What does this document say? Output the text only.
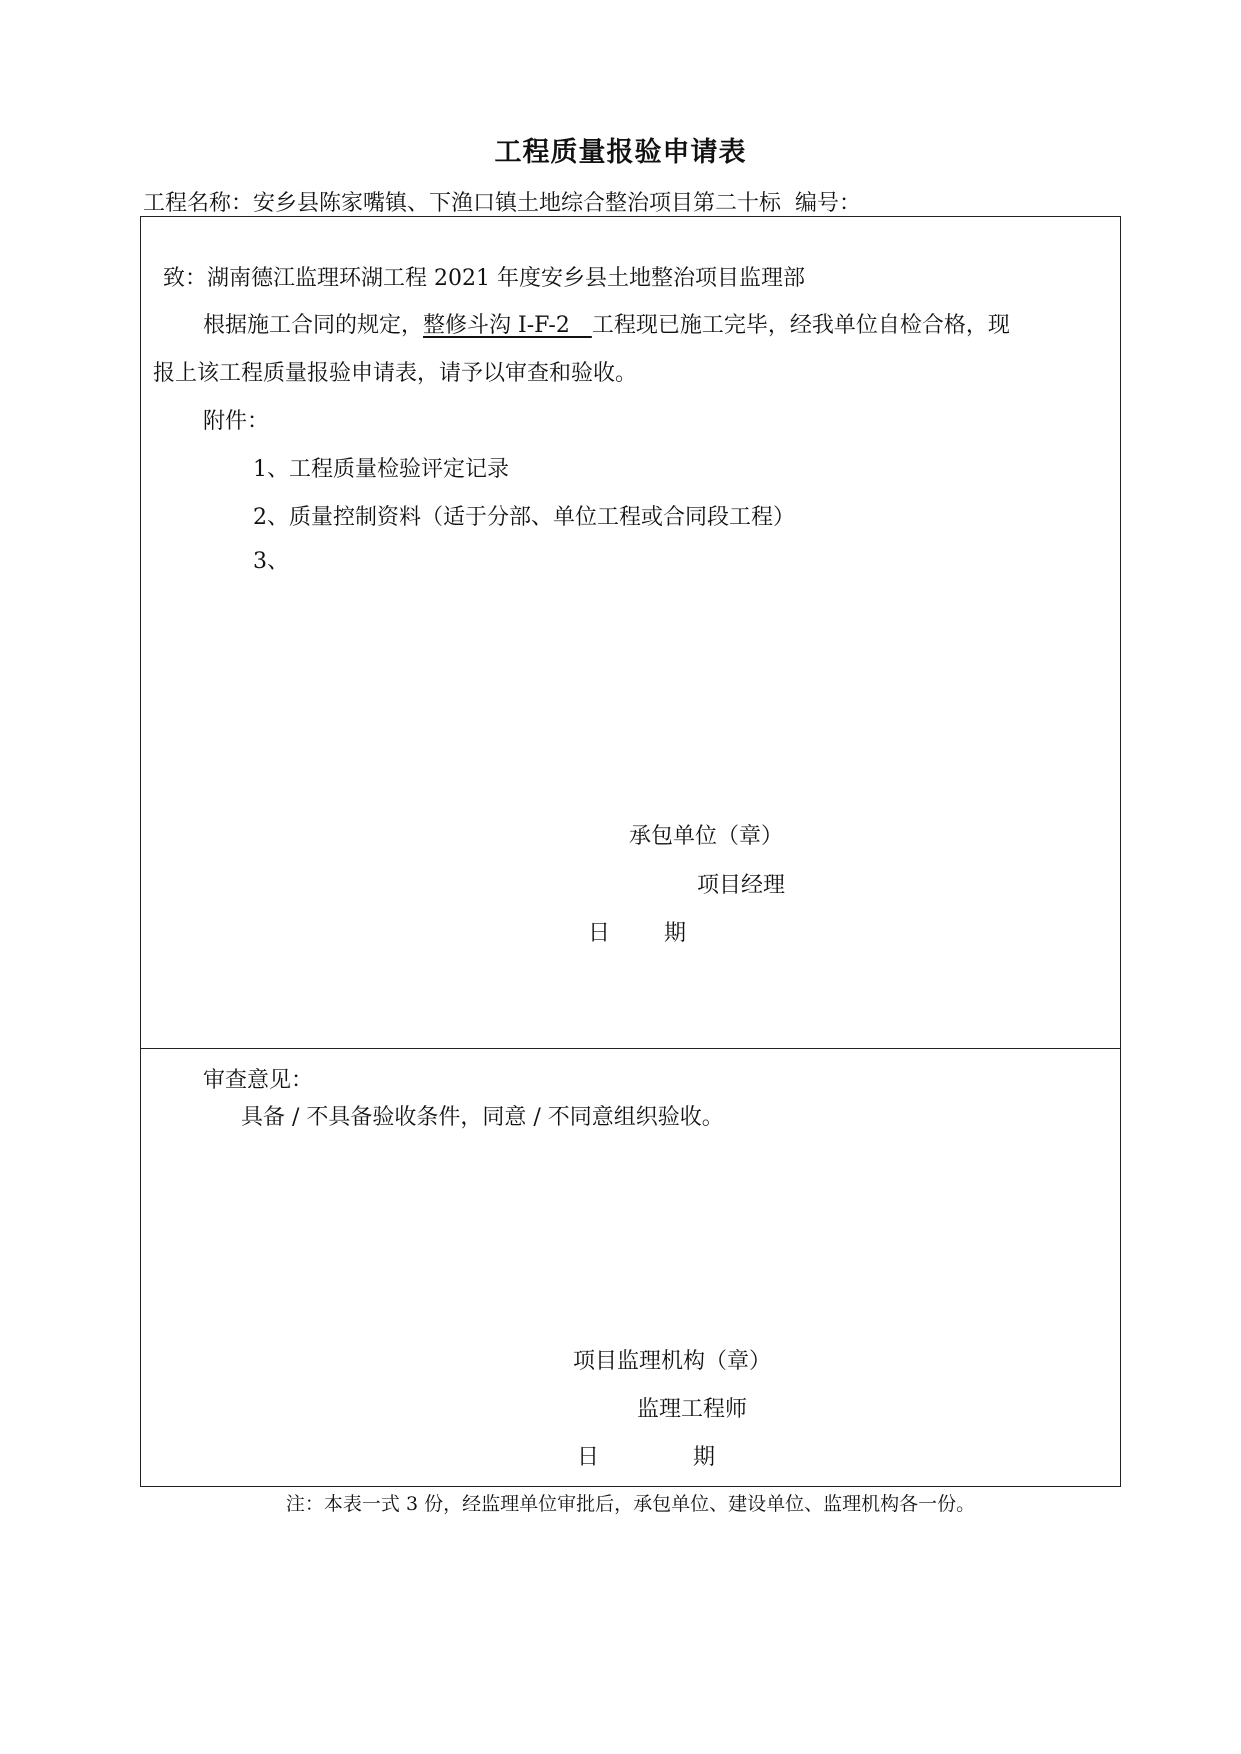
工程质量报验申请表
工程名称：安乡县陈家嘴镇、下渔口镇土地综合整治项目第二十标 编号：
致：湖南德江监理环湖工程 2021 年度安乡县土地整治项目监理部
根据施工合同的规定，整修斗沟 I-F-2　工程现已施工完毕，经我单位自检合格，现
报上该工程质量报验申请表，请予以审查和验收。
附件：
1、工程质量检验评定记录
2、质量控制资料（适于分部、单位工程或合同段工程）
3、
承包单位（章）
项目经理
日 期
审查意见：
具备 / 不具备验收条件，同意 / 不同意组织验收。
项目监理机构（章）
监理工程师
日	期
注：本表一式 3 份，经监理单位审批后，承包单位、建设单位、监理机构各一份。
